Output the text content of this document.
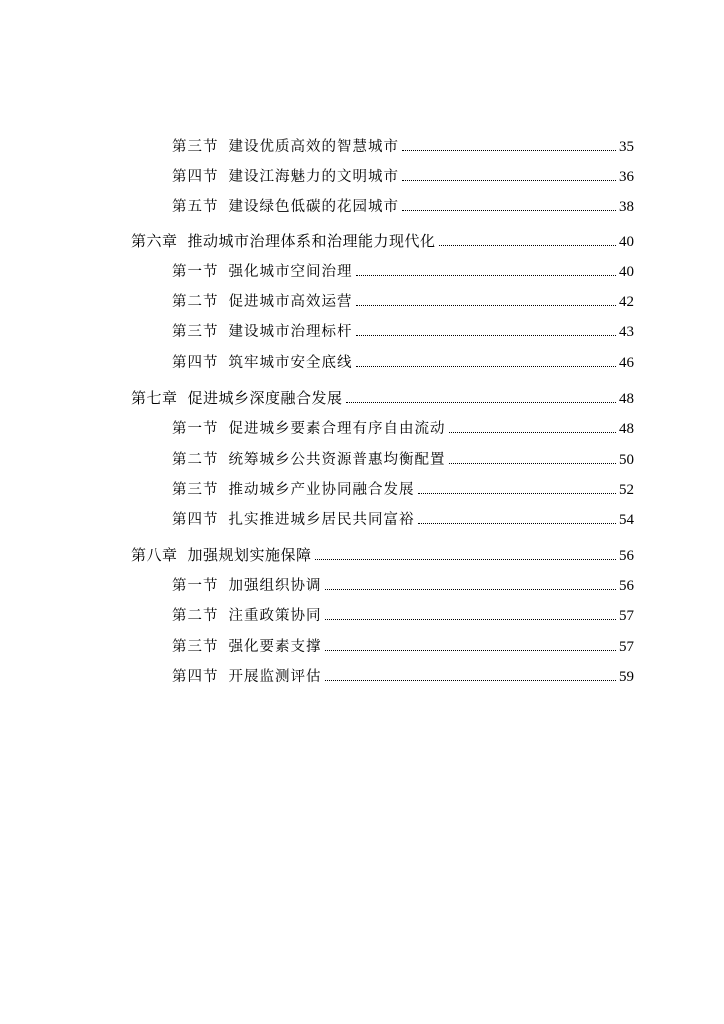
第三节 建设优质高效的智慧城市	35
第四节 建设江海魅力的文明城市	36
第五节 建设绿色低碳的花园城市	38
第六章 推动城市治理体系和治理能力现代化	40
第一节 强化城市空间治理	40
第二节 促进城市高效运营	42
第三节 建设城市治理标杆	43
第四节 筑牢城市安全底线	46
第七章 促进城乡深度融合发展	48
第一节 促进城乡要素合理有序自由流动	48
第二节 统筹城乡公共资源普惠均衡配置	50
第三节 推动城乡产业协同融合发展	52
第四节 扎实推进城乡居民共同富裕	54
第八章 加强规划实施保障	56
第一节 加强组织协调	56
第二节 注重政策协同	57
第三节 强化要素支撑	57
第四节 开展监测评估	59
